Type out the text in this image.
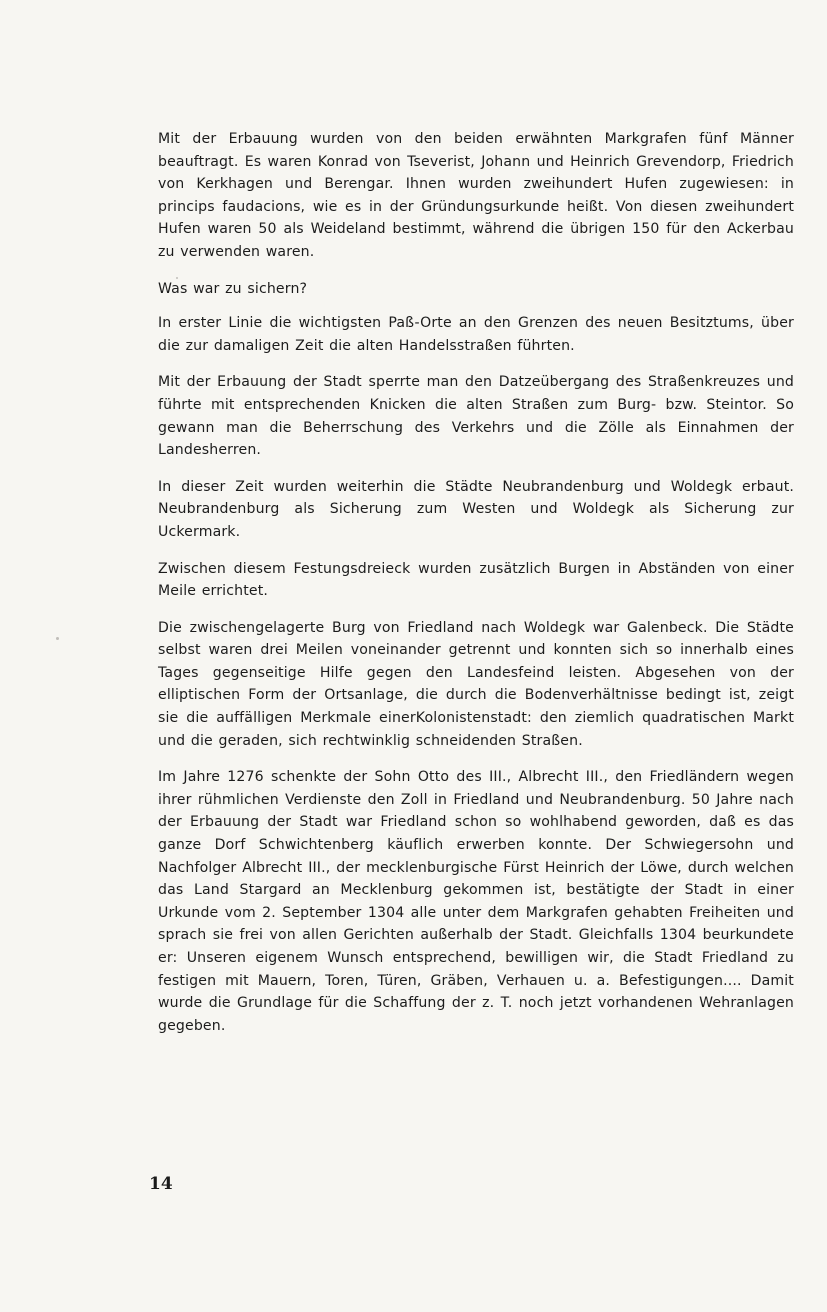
Mit der Erbauung wurden von den beiden erwähnten Markgrafen fünf Männer beauftragt. Es waren Konrad von Tseverist, Johann und Heinrich Grevendorp, Friedrich von Kerkhagen und Berengar. Ihnen wurden zweihundert Hufen zugewiesen: in princips faudacions, wie es in der Gründungsurkunde heißt. Von diesen zweihundert Hufen waren 50 als Weideland bestimmt, während die übrigen 150 für den Ackerbau zu verwenden waren.

Was war zu sichern?

In erster Linie die wichtigsten Paß-Orte an den Grenzen des neuen Besitztums, über die zur damaligen Zeit die alten Handelsstraßen führten.

Mit der Erbauung der Stadt sperrte man den Datzeübergang des Straßenkreuzes und führte mit entsprechenden Knicken die alten Straßen zum Burg- bzw. Steintor. So gewann man die Beherrschung des Verkehrs und die Zölle als Einnahmen der Landesherren.

In dieser Zeit wurden weiterhin die Städte Neubrandenburg und Woldegk erbaut. Neubrandenburg als Sicherung zum Westen und Woldegk als Sicherung zur Uckermark.

Zwischen diesem Festungsdreieck wurden zusätzlich Burgen in Abständen von einer Meile errichtet.

Die zwischengelagerte Burg von Friedland nach Woldegk war Galenbeck. Die Städte selbst waren drei Meilen voneinander getrennt und konnten sich so innerhalb eines Tages gegenseitige Hilfe gegen den Landesfeind leisten. Abgesehen von der elliptischen Form der Ortsanlage, die durch die Bodenverhältnisse bedingt ist, zeigt sie die auffälligen Merkmale einerKolonistenstadt: den ziemlich quadratischen Markt und die geraden, sich rechtwinklig schneidenden Straßen.

Im Jahre 1276 schenkte der Sohn Otto des III., Albrecht III., den Friedländern wegen ihrer rühmlichen Verdienste den Zoll in Friedland und Neubrandenburg. 50 Jahre nach der Erbauung der Stadt war Friedland schon so wohlhabend geworden, daß es das ganze Dorf Schwichtenberg käuflich erwerben konnte. Der Schwiegersohn und Nachfolger Albrecht III., der mecklenburgische Fürst Heinrich der Löwe, durch welchen das Land Stargard an Mecklenburg gekommen ist, bestätigte der Stadt in einer Urkunde vom 2. September 1304 alle unter dem Markgrafen gehabten Freiheiten und sprach sie frei von allen Gerichten außerhalb der Stadt. Gleichfalls 1304 beurkundete er: Unseren eigenem Wunsch entsprechend, bewilligen wir, die Stadt Friedland zu festigen mit Mauern, Toren, Türen, Gräben, Verhauen u. a. Befestigungen.... Damit wurde die Grundlage für die Schaffung der z. T. noch jetzt vorhandenen Wehranlagen gegeben.

14
